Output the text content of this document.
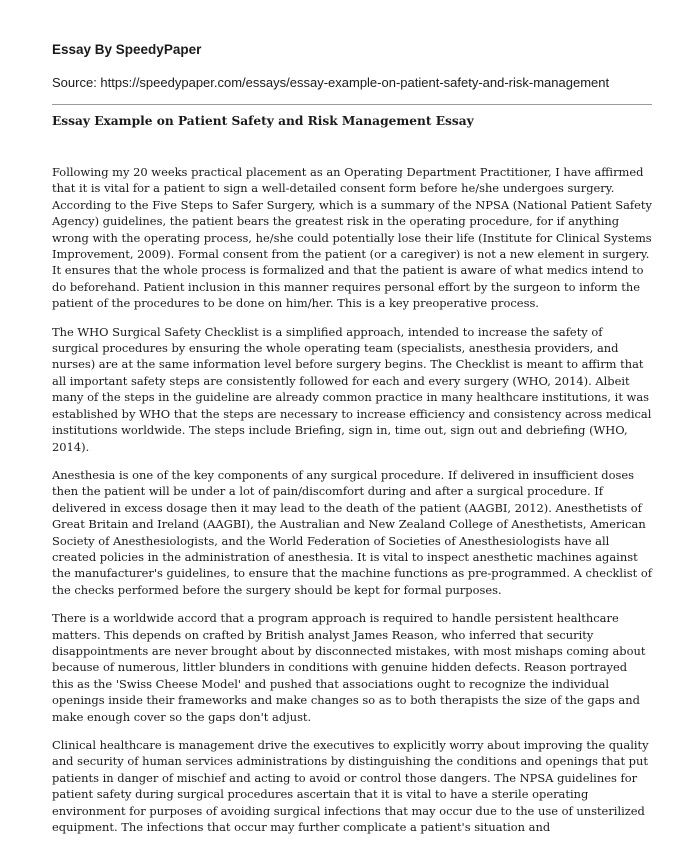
Essay By SpeedyPaper

Source: https://speedypaper.com/essays/essay-example-on-patient-safety-and-risk-management

Essay Example on Patient Safety and Risk Management Essay

Following my 20 weeks practical placement as an Operating Department Practitioner, I have affirmed that it is vital for a patient to sign a well-detailed consent form before he/she undergoes surgery. According to the Five Steps to Safer Surgery, which is a summary of the NPSA (National Patient Safety Agency) guidelines, the patient bears the greatest risk in the operating procedure, for if anything wrong with the operating process, he/she could potentially lose their life (Institute for Clinical Systems Improvement, 2009). Formal consent from the patient (or a caregiver) is not a new element in surgery. It ensures that the whole process is formalized and that the patient is aware of what medics intend to do beforehand. Patient inclusion in this manner requires personal effort by the surgeon to inform the patient of the procedures to be done on him/her. This is a key preoperative process.

The WHO Surgical Safety Checklist is a simplified approach, intended to increase the safety of surgical procedures by ensuring the whole operating team (specialists, anesthesia providers, and nurses) are at the same information level before surgery begins. The Checklist is meant to affirm that all important safety steps are consistently followed for each and every surgery (WHO, 2014). Albeit many of the steps in the guideline are already common practice in many healthcare institutions, it was established by WHO that the steps are necessary to increase efficiency and consistency across medical institutions worldwide. The steps include Briefing, sign in, time out, sign out and debriefing (WHO, 2014).

Anesthesia is one of the key components of any surgical procedure. If delivered in insufficient doses then the patient will be under a lot of pain/discomfort during and after a surgical procedure. If delivered in excess dosage then it may lead to the death of the patient (AAGBI, 2012). Anesthetists of Great Britain and Ireland (AAGBI), the Australian and New Zealand College of Anesthetists, American Society of Anesthesiologists, and the World Federation of Societies of Anesthesiologists have all created policies in the administration of anesthesia. It is vital to inspect anesthetic machines against the manufacturer's guidelines, to ensure that the machine functions as pre-programmed. A checklist of the checks performed before the surgery should be kept for formal purposes.

There is a worldwide accord that a program approach is required to handle persistent healthcare matters. This depends on crafted by British analyst James Reason, who inferred that security disappointments are never brought about by disconnected mistakes, with most mishaps coming about because of numerous, littler blunders in conditions with genuine hidden defects. Reason portrayed this as the 'Swiss Cheese Model' and pushed that associations ought to recognize the individual openings inside their frameworks and make changes so as to both therapists the size of the gaps and make enough cover so the gaps don't adjust.

Clinical healthcare is management drive the executives to explicitly worry about improving the quality and security of human services administrations by distinguishing the conditions and openings that put patients in danger of mischief and acting to avoid or control those dangers. The NPSA guidelines for patient safety during surgical procedures ascertain that it is vital to have a sterile operating environment for purposes of avoiding surgical infections that may occur due to the use of unsterilized equipment. The infections that occur may further complicate a patient's situation and
